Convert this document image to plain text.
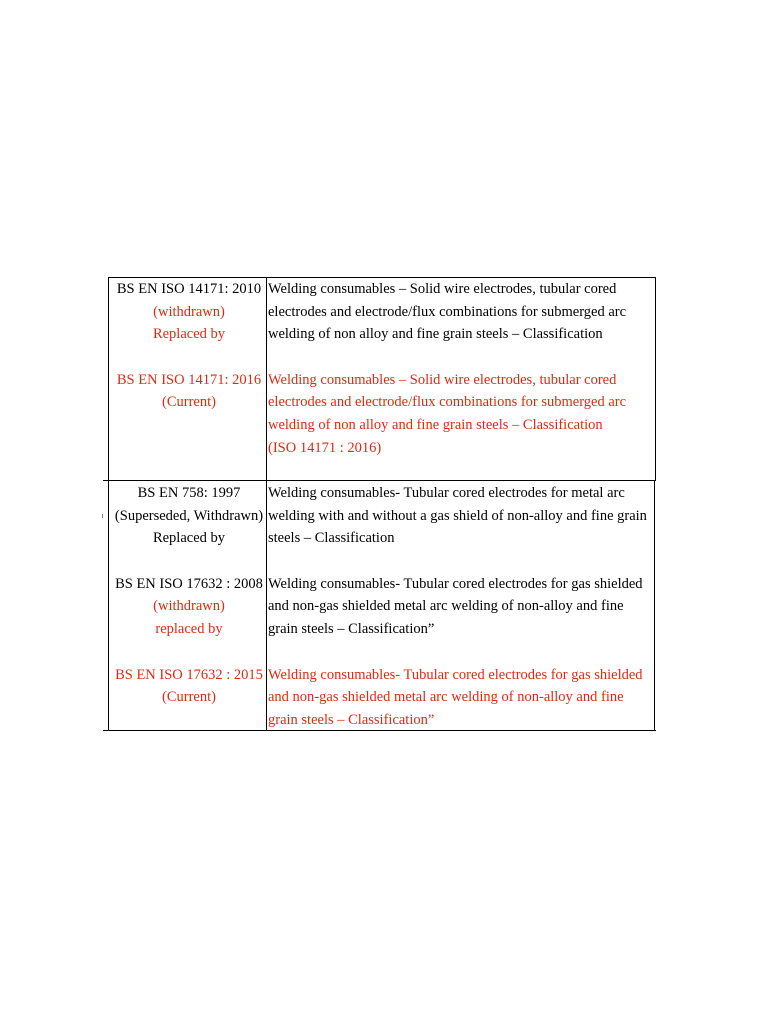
BS EN ISO 14171: 2010
(withdrawn)
Replaced by

BS EN ISO 14171: 2016
(Current)
Welding consumables – Solid wire electrodes, tubular cored
electrodes and electrode/flux combinations for submerged arc
welding of non alloy and fine grain steels – Classification

Welding consumables – Solid wire electrodes, tubular cored
electrodes and electrode/flux combinations for submerged arc
welding of non alloy and fine grain steels – Classification
(ISO 14171 : 2016)
BS EN 758: 1997
(Superseded, Withdrawn)
Replaced by

BS EN ISO 17632 : 2008
(withdrawn)
replaced by

BS EN ISO 17632 : 2015
(Current)
Welding consumables- Tubular cored electrodes for metal arc
welding with and without a gas shield of non-alloy and fine grain
steels – Classification

Welding consumables- Tubular cored electrodes for gas shielded
and non-gas shielded metal arc welding of non-alloy and fine
grain steels – Classification”

Welding consumables- Tubular cored electrodes for gas shielded
and non-gas shielded metal arc welding of non-alloy and fine
grain steels – Classification”
